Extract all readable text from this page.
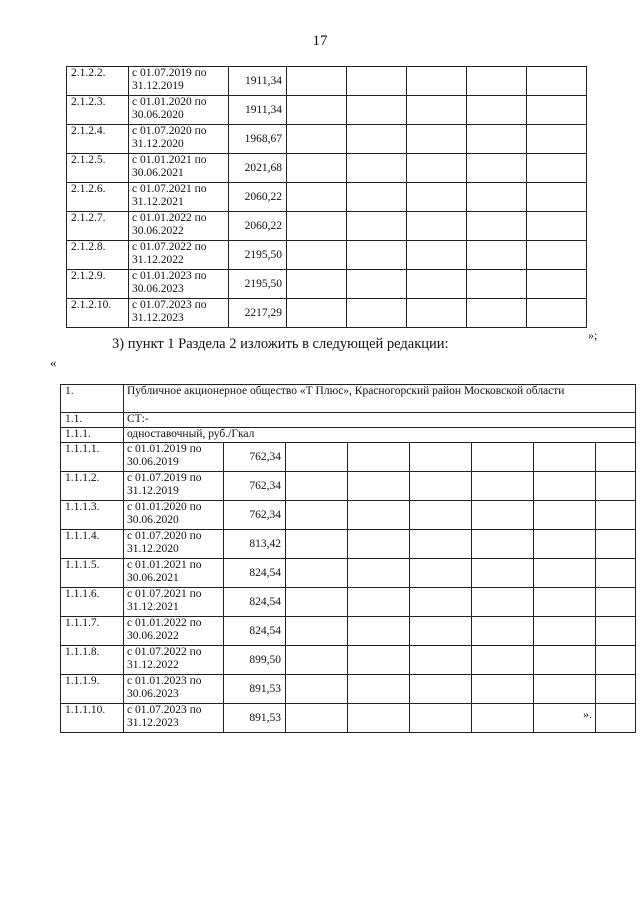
17
2.1.2.2.	с 01.07.2019 по 31.12.2019	1911,34					
2.1.2.3.	с 01.01.2020 по 30.06.2020	1911,34					
2.1.2.4.	с 01.07.2020 по 31.12.2020	1968,67					
2.1.2.5.	с 01.01.2021 по 30.06.2021	2021,68					
2.1.2.6.	с 01.07.2021 по 31.12.2021	2060,22					
2.1.2.7.	с 01.01.2022 по 30.06.2022	2060,22					
2.1.2.8.	с 01.07.2022 по 31.12.2022	2195,50					
2.1.2.9.	с 01.01.2023 по 30.06.2023	2195,50					
2.1.2.10.	с 01.07.2023 по 31.12.2023	2217,29					
»;
3) пункт 1 Раздела 2 изложить в следующей редакции:
«
1.	Публичное акционерное общество «Т Плюс», Красногорский район Московской области							
1.1.	СТ:-							
1.1.1.	одноставочный, руб./Гкал							
1.1.1.1.	с 01.01.2019 по 30.06.2019	762,34						
1.1.1.2.	с 01.07.2019 по 31.12.2019	762,34						
1.1.1.3.	с 01.01.2020 по 30.06.2020	762,34						
1.1.1.4.	с 01.07.2020 по 31.12.2020	813,42						
1.1.1.5.	с 01.01.2021 по 30.06.2021	824,54						
1.1.1.6.	с 01.07.2021 по 31.12.2021	824,54						
1.1.1.7.	с 01.01.2022 по 30.06.2022	824,54						
1.1.1.8.	с 01.07.2022 по 31.12.2022	899,50						
1.1.1.9.	с 01.01.2023 по 30.06.2023	891,53						
1.1.1.10.	с 01.07.2023 по 31.12.2023	891,53							».
